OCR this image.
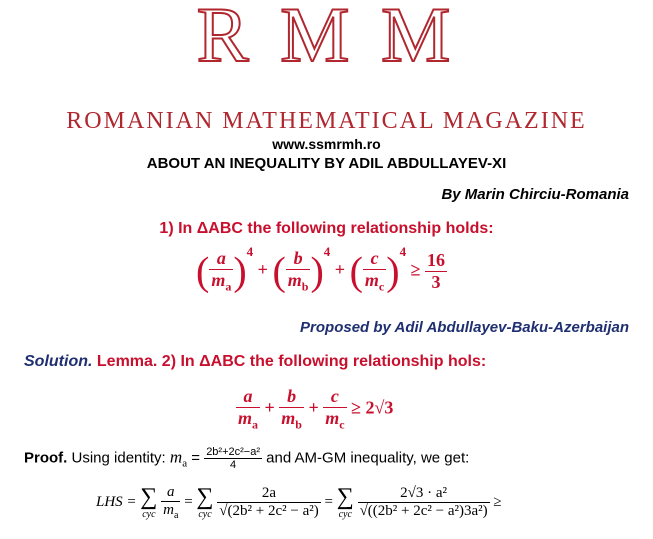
R M M
ROMANIAN MATHEMATICAL MAGAZINE
www.ssmrmh.ro
ABOUT AN INEQUALITY BY ADIL ABDULLAYEV-XI
By Marin Chirciu-Romania
1) In ΔABC the following relationship holds:
( $\frac{a}{m_a} )^4$ + ( $\frac{b}{m_b} )^4$ + ( $\frac{c}{m_c} )^4 \ge \frac{16}{3}$
Proposed by Adil Abdullayev-Baku-Azerbaijan
Solution. Lemma. 2) In ΔABC the following relationship hols:
$\frac{a}{m_a} + \frac{b}{m_b} + \frac{c}{m_c} \ge 2√3$
Proof. Using identity: $m_a = \frac{\text{2b²+2c²−a²}}{4}$ and AM-GM inequality, we get:
LHS = ∑
cyc
$\frac{a}{m_a}$ = ∑
cyc
$\frac{2a}{\text{√(2b² + 2c² − a²)}}$ = ∑
cyc
$\frac{\text{2√3 · a²}}{\text{√((2b² + 2c² − a²)3a²)}}$ ≥
